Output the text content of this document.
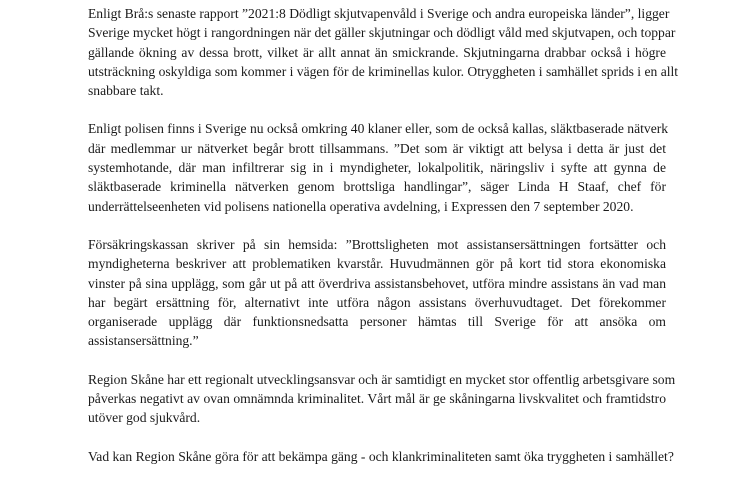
Enligt Brå:s senaste rapport ”2021:8 Dödligt skjutvapenvåld i Sverige och andra europeiska länder”, ligger
Sverige mycket högt i rangordningen när det gäller skjutningar och dödligt våld med skjutvapen, och toppar
gällande ökning av dessa brott, vilket är allt annat än smickrande. Skjutningarna drabbar också i högre
utsträckning oskyldiga som kommer i vägen för de kriminellas kulor. Otryggheten i samhället sprids i en allt
snabbare takt.

Enligt polisen finns i Sverige nu också omkring 40 klaner eller, som de också kallas, släktbaserade nätverk
där medlemmar ur nätverket begår brott tillsammans. ”Det som är viktigt att belysa i detta är just det
systemhotande, där man infiltrerar sig in i myndigheter, lokalpolitik, näringsliv i syfte att gynna de
släktbaserade kriminella nätverken genom brottsliga handlingar”, säger Linda H Staaf, chef för
underrättelseenheten vid polisens nationella operativa avdelning, i Expressen den 7 september 2020.

Försäkringskassan skriver på sin hemsida: ”Brottsligheten mot assistansersättningen fortsätter och
myndigheterna beskriver att problematiken kvarstår. Huvudmännen gör på kort tid stora ekonomiska
vinster på sina upplägg, som går ut på att överdriva assistansbehovet, utföra mindre assistans än vad man
har begärt ersättning för, alternativt inte utföra någon assistans överhuvudtaget. Det förekommer
organiserade upplägg där funktionsnedsatta personer hämtas till Sverige för att ansöka om
assistansersättning.”

Region Skåne har ett regionalt utvecklingsansvar och är samtidigt en mycket stor offentlig arbetsgivare som
påverkas negativt av ovan omnämnda kriminalitet. Vårt mål är ge skåningarna livskvalitet och framtidstro
utöver god sjukvård.

Vad kan Region Skåne göra för att bekämpa gäng - och klankriminaliteten samt öka tryggheten i samhället?
